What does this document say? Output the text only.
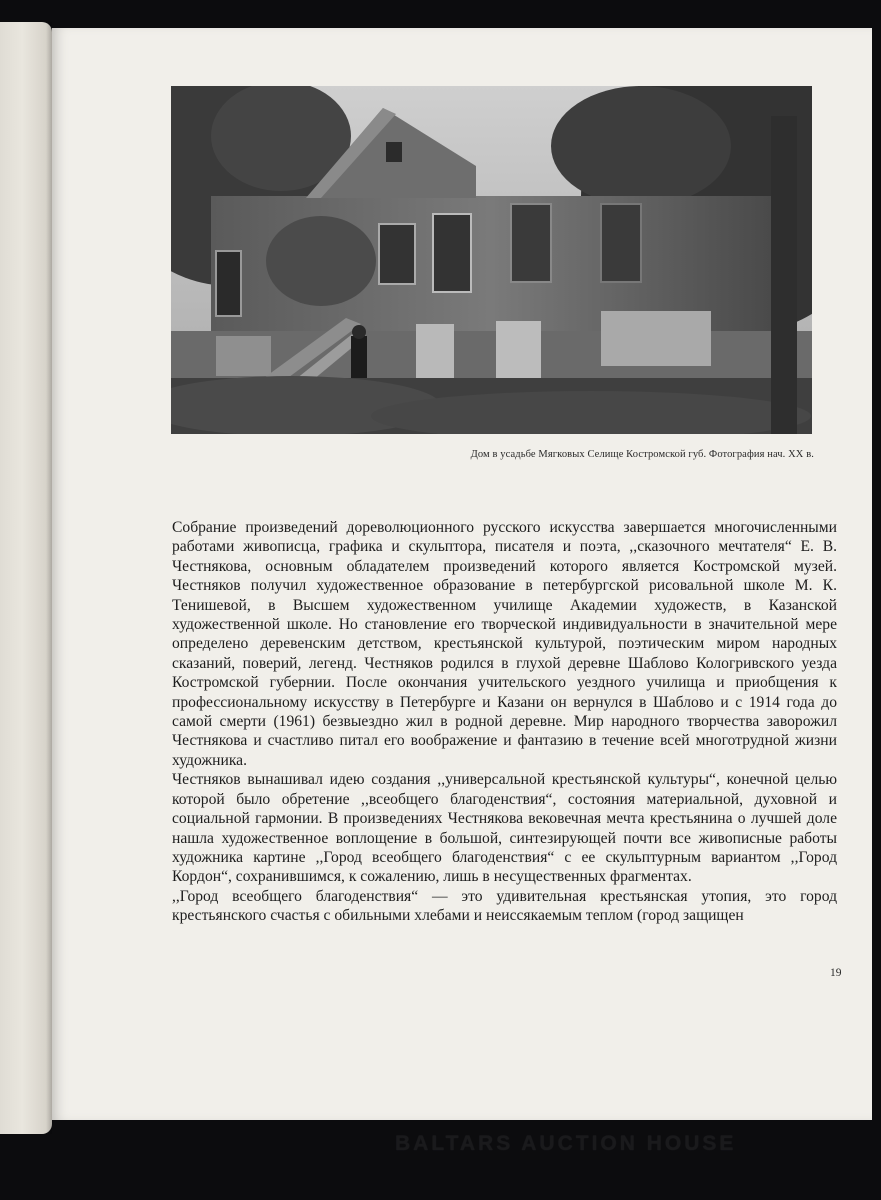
Дом в усадьбе Мягковых Селище Костромской губ. Фотография нач. XX в.

Собрание произведений дореволюционного русского искусства завершается многочисленными работами живописца, графика и скульптора, писателя и поэта, ,,сказочного мечтателя“ Е. В. Честнякова, основным обладателем произведений которого является Костромской музей. Честняков получил художественное образование в петербургской рисовальной школе М. К. Тенишевой, в Высшем художественном училище Академии художеств, в Казанской художественной школе. Но становление его творческой индивидуальности в значительной мере определено деревенским детством, крестьянской культурой, поэтическим миром народных сказаний, поверий, легенд. Честняков родился в глухой деревне Шаблово Кологривского уезда Костромской губернии. После окончания учительского уездного училища и приобщения к профессиональному искусству в Петербурге и Казани он вернулся в Шаблово и с 1914 года до самой смерти (1961) безвыездно жил в родной деревне. Мир народного творчества заворожил Честнякова и счастливо питал его воображение и фантазию в течение всей многотрудной жизни художника.

Честняков вынашивал идею создания ,,универсальной крестьянской культуры“, конечной целью которой было обретение ,,всеобщего благоденствия“, состояния материальной, духовной и социальной гармонии. В произведениях Честнякова вековечная мечта крестьянина о лучшей доле нашла художественное воплощение в большой, синтезирующей почти все живописные работы художника картине ,,Город всеобщего благоденствия“ с ее скульптурным вариантом ,,Город Кордон“, сохранившимся, к сожалению, лишь в несущественных фрагментах.

,,Город всеобщего благоденствия“ — это удивительная крестьянская утопия, это город крестьянского счастья с обильными хлебами и неиссякаемым теплом (город защищен

19
BALTARS AUCTION HOUSE
